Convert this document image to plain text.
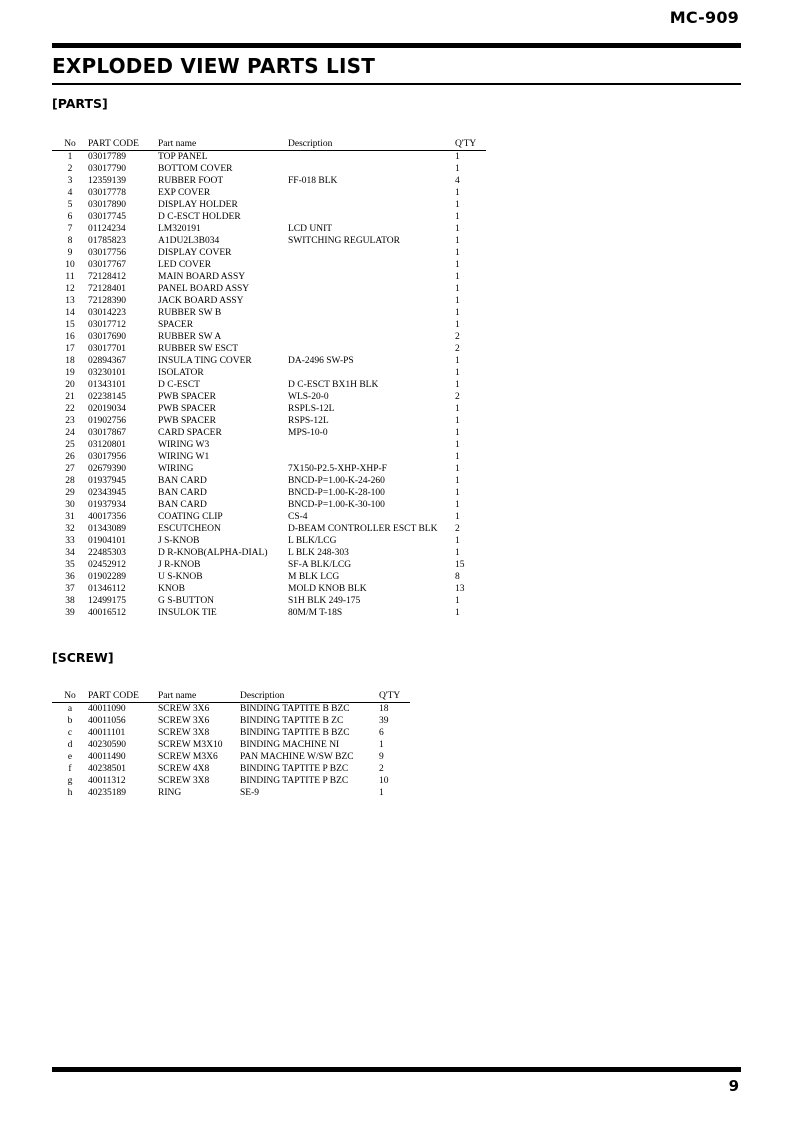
MC-909
EXPLODED VIEW PARTS LIST
[PARTS]
No	PART CODE	Part name	Description	Q'TY
1	03017789	TOP PANEL		1
2	03017790	BOTTOM COVER		1
3	12359139	RUBBER FOOT	FF-018 BLK	4
4	03017778	EXP COVER		1
5	03017890	DISPLAY HOLDER		1
6	03017745	D C-ESCT HOLDER		1
7	01124234	LM320191	LCD UNIT	1
8	01785823	A1DU2L3B034	SWITCHING REGULATOR	1
9	03017756	DISPLAY COVER		1
10	03017767	LED COVER		1
11	72128412	MAIN BOARD ASSY		1
12	72128401	PANEL BOARD ASSY		1
13	72128390	JACK BOARD ASSY		1
14	03014223	RUBBER SW B		1
15	03017712	SPACER		1
16	03017690	RUBBER SW A		2
17	03017701	RUBBER SW ESCT		2
18	02894367	INSULA TING COVER	DA-2496 SW-PS	1
19	03230101	ISOLATOR		1
20	01343101	D C-ESCT	D C-ESCT BX1H BLK	1
21	02238145	PWB SPACER	WLS-20-0	2
22	02019034	PWB SPACER	RSPLS-12L	1
23	01902756	PWB SPACER	RSPS-12L	1
24	03017867	CARD SPACER	MPS-10-0	1
25	03120801	WIRING W3		1
26	03017956	WIRING W1		1
27	02679390	WIRING	7X150-P2.5-XHP-XHP-F	1
28	01937945	BAN CARD	BNCD-P=1.00-K-24-260	1
29	02343945	BAN CARD	BNCD-P=1.00-K-28-100	1
30	01937934	BAN CARD	BNCD-P=1.00-K-30-100	1
31	40017356	COATING CLIP	CS-4	1
32	01343089	ESCUTCHEON	D-BEAM CONTROLLER ESCT BLK	2
33	01904101	J S-KNOB	L BLK/LCG	1
34	22485303	D R-KNOB(ALPHA-DIAL)	L BLK 248-303	1
35	02452912	J R-KNOB	SF-A BLK/LCG	15
36	01902289	U S-KNOB	M BLK LCG	8
37	01346112	KNOB	MOLD KNOB BLK	13
38	12499175	G S-BUTTON	S1H BLK 249-175	1
39	40016512	INSULOK TIE	80M/M T-18S	1
[SCREW]
No	PART CODE	Part name	Description	Q'TY
a	40011090	SCREW 3X6	BINDING TAPTITE B BZC	18
b	40011056	SCREW 3X6	BINDING TAPTITE B ZC	39
c	40011101	SCREW 3X8	BINDING TAPTITE B BZC	6
d	40230590	SCREW M3X10	BINDING MACHINE NI	1
e	40011490	SCREW M3X6	PAN MACHINE W/SW BZC	9
f	40238501	SCREW 4X8	BINDING TAPTITE P BZC	2
g	40011312	SCREW 3X8	BINDING TAPTITE P BZC	10
h	40235189	RING	SE-9	1
9
